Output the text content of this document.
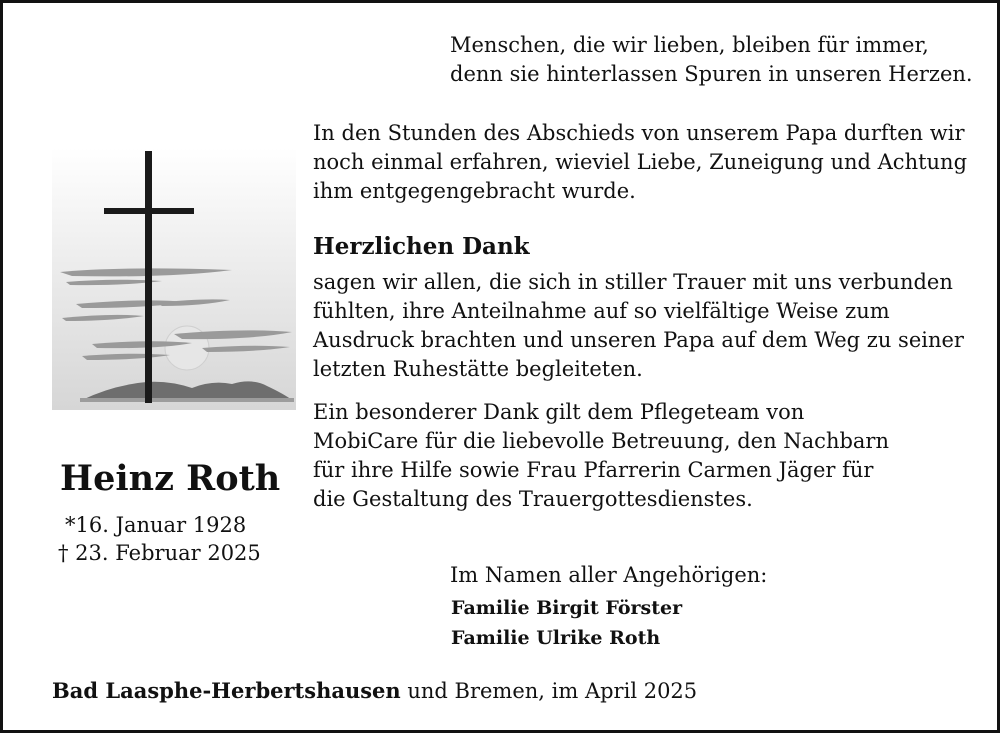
Menschen, die wir lieben, bleiben für immer,
denn sie hinterlassen Spuren in unseren Herzen.
In den Stunden des Abschieds von unserem Papa durften wir
noch einmal erfahren, wieviel Liebe, Zuneigung und Achtung
ihm entgegengebracht wurde.
Herzlichen Dank
sagen wir allen, die sich in stiller Trauer mit uns verbunden
fühlten, ihre Anteilnahme auf so vielfältige Weise zum
Ausdruck brachten und unseren Papa auf dem Weg zu seiner
letzten Ruhestätte begleiteten.
Ein besonderer Dank gilt dem Pflegeteam von
MobiCare für die liebevolle Betreuung, den Nachbarn
für ihre Hilfe sowie Frau Pfarrerin Carmen Jäger für
die Gestaltung des Trauergottesdienstes.
Heinz Roth
*16. Januar 1928
† 23. Februar 2025
Im Namen aller Angehörigen:
Familie Birgit Förster
Familie Ulrike Roth
Bad Laasphe-Herbertshausen und Bremen, im April 2025
